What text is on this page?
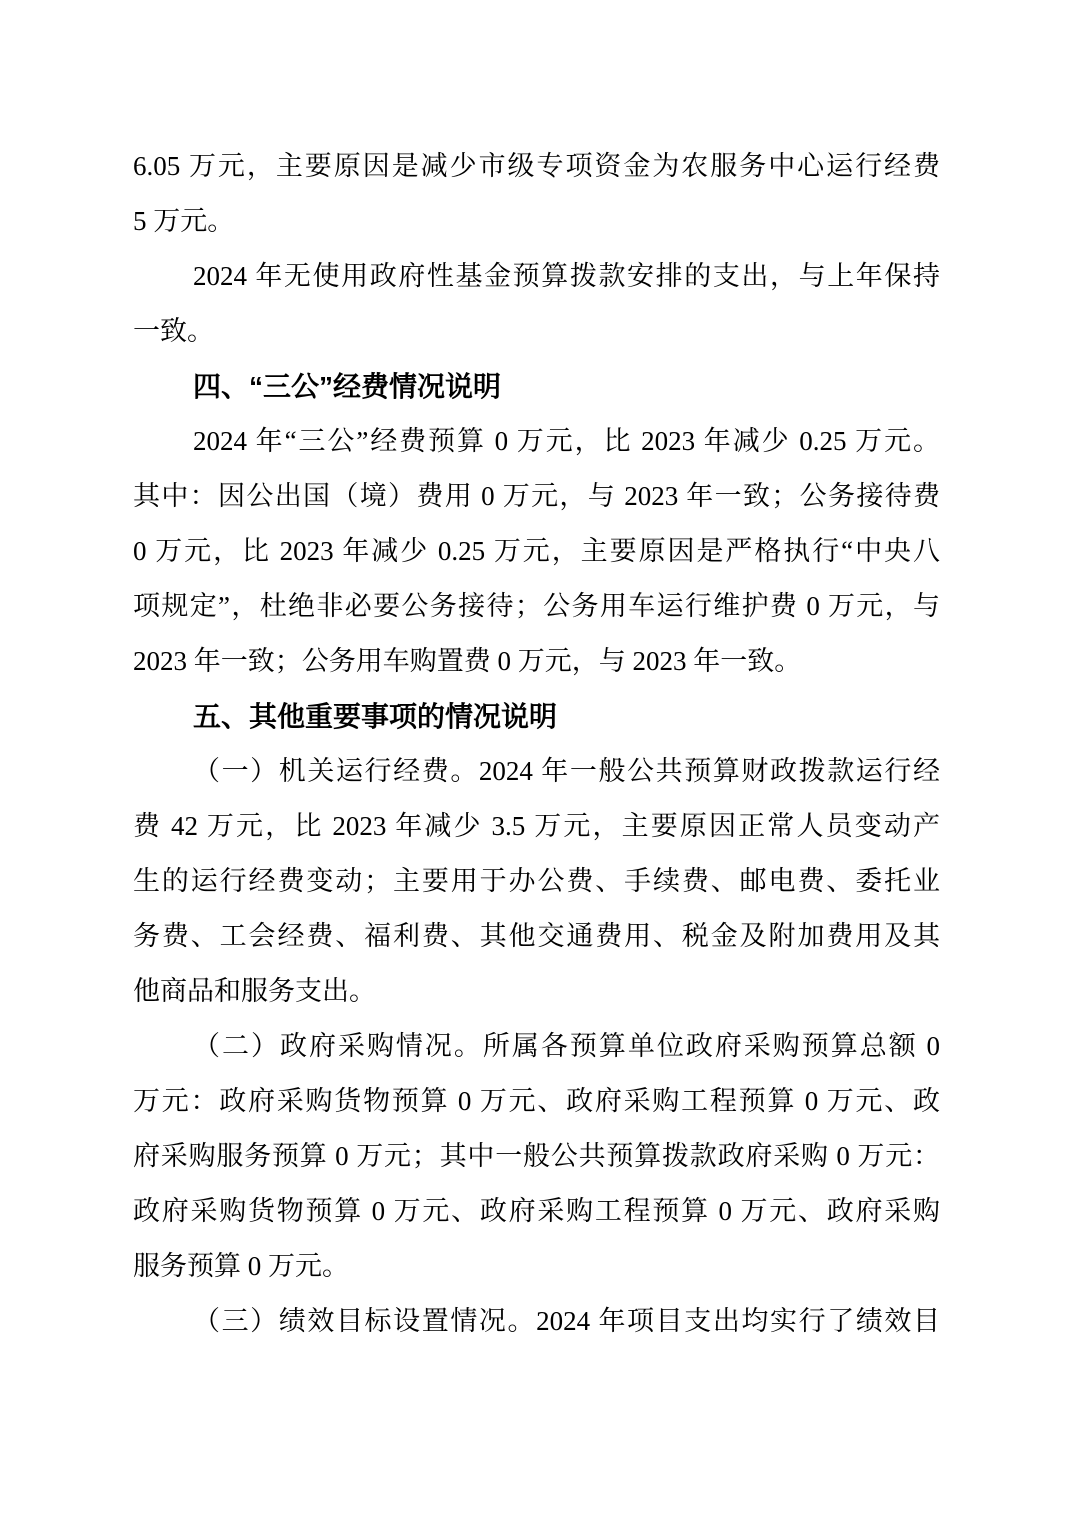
6.05 万元，主要原因是减少市级专项资金为农服务中心运行经费

5 万元。

2024 年无使用政府性基金预算拨款安排的支出，与上年保持

一致。

四、“三公”经费情况说明

2024 年“三公”经费预算 0 万元，比 2023 年减少 0.25 万元。

其中：因公出国（境）费用 0 万元，与 2023 年一致；公务接待费

0 万元，比 2023 年减少 0.25 万元，主要原因是严格执行“中央八

项规定”，杜绝非必要公务接待；公务用车运行维护费 0 万元，与

2023 年一致；公务用车购置费 0 万元，与 2023 年一致。

五、其他重要事项的情况说明

（一）机关运行经费。2024 年一般公共预算财政拨款运行经

费 42 万元，比 2023 年减少 3.5 万元，主要原因正常人员变动产

生的运行经费变动；主要用于办公费、手续费、邮电费、委托业

务费、工会经费、福利费、其他交通费用、税金及附加费用及其

他商品和服务支出。

（二）政府采购情况。所属各预算单位政府采购预算总额 0

万元：政府采购货物预算 0 万元、政府采购工程预算 0 万元、政

府采购服务预算 0 万元；其中一般公共预算拨款政府采购 0 万元：

政府采购货物预算 0 万元、政府采购工程预算 0 万元、政府采购

服务预算 0 万元。

（三）绩效目标设置情况。2024 年项目支出均实行了绩效目
